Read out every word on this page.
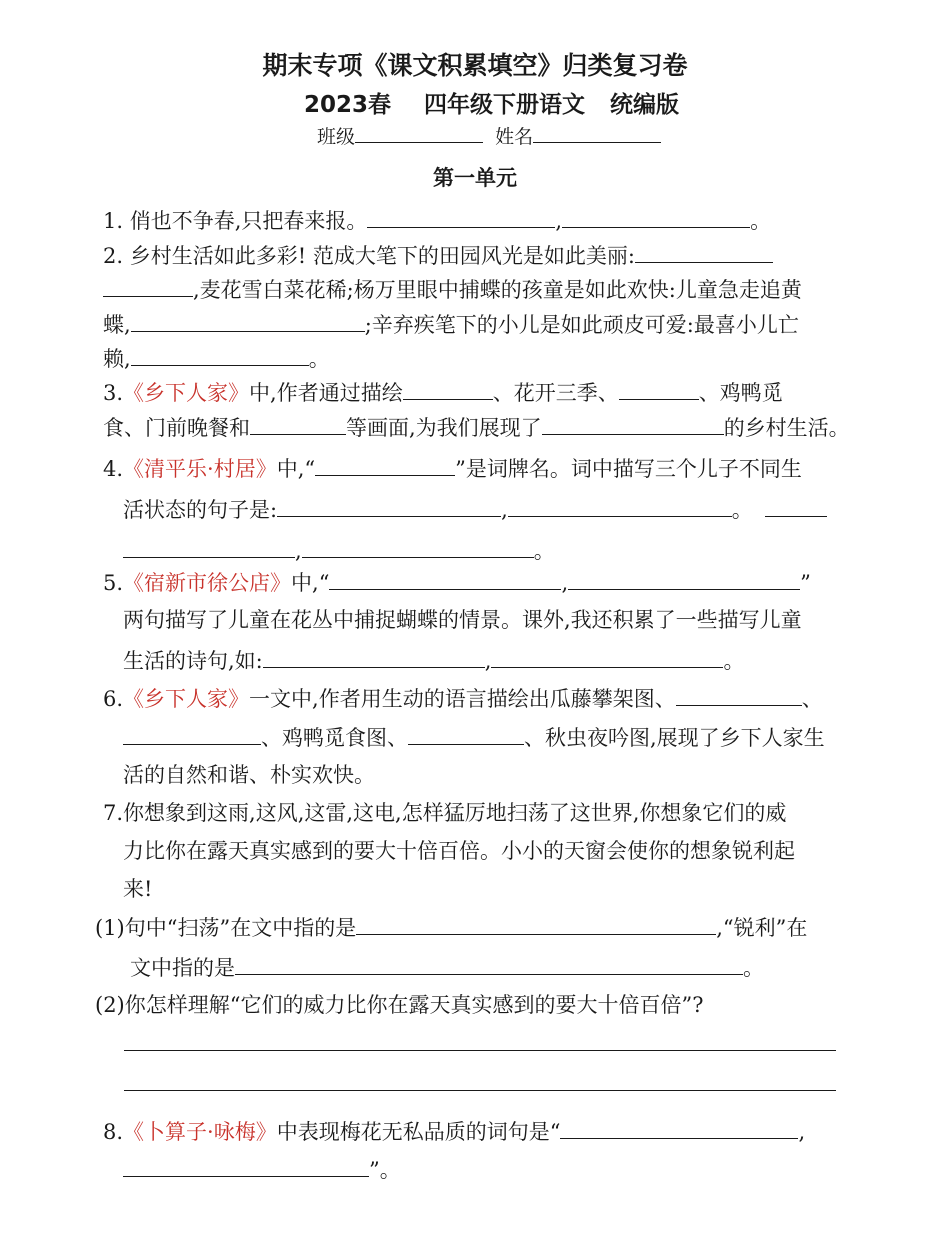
期末专项《课文积累填空》归类复习卷
2023春 四年级下册语文 统编版
班级	姓名
第一单元
1. 俏也不争春,只把春来报。	,	。
2. 乡村生活如此多彩! 范成大笔下的田园风光是如此美丽:
,麦花雪白菜花稀;杨万里眼中捕蝶的孩童是如此欢快:儿童急走追黄
蝶,	;辛弃疾笔下的小儿是如此顽皮可爱:最喜小儿亡
赖,	。
3.《乡下人家》中,作者通过描绘	、花开三季、	、鸡鸭觅
食、门前晚餐和	等画面,为我们展现了	的乡村生活。
4.《清平乐·村居》中,“	”是词牌名。词中描写三个儿子不同生
活状态的句子是:	,	。
,	。
5.《宿新市徐公店》中,“	,	”
两句描写了儿童在花丛中捕捉蝴蝶的情景。课外,我还积累了一些描写儿童
生活的诗句,如:	,	。
6.《乡下人家》一文中,作者用生动的语言描绘出瓜藤攀架图、	、
、鸡鸭觅食图、	、秋虫夜吟图,展现了乡下人家生
活的自然和谐、朴实欢快。
7.你想象到这雨,这风,这雷,这电,怎样猛厉地扫荡了这世界,你想象它们的威
力比你在露天真实感到的要大十倍百倍。小小的天窗会使你的想象锐利起
来!
(1)句中“扫荡”在文中指的是	,“锐利”在
文中指的是	。
(2)你怎样理解“它们的威力比你在露天真实感到的要大十倍百倍”?
8.《卜算子·咏梅》中表现梅花无私品质的词句是“	,
”。
